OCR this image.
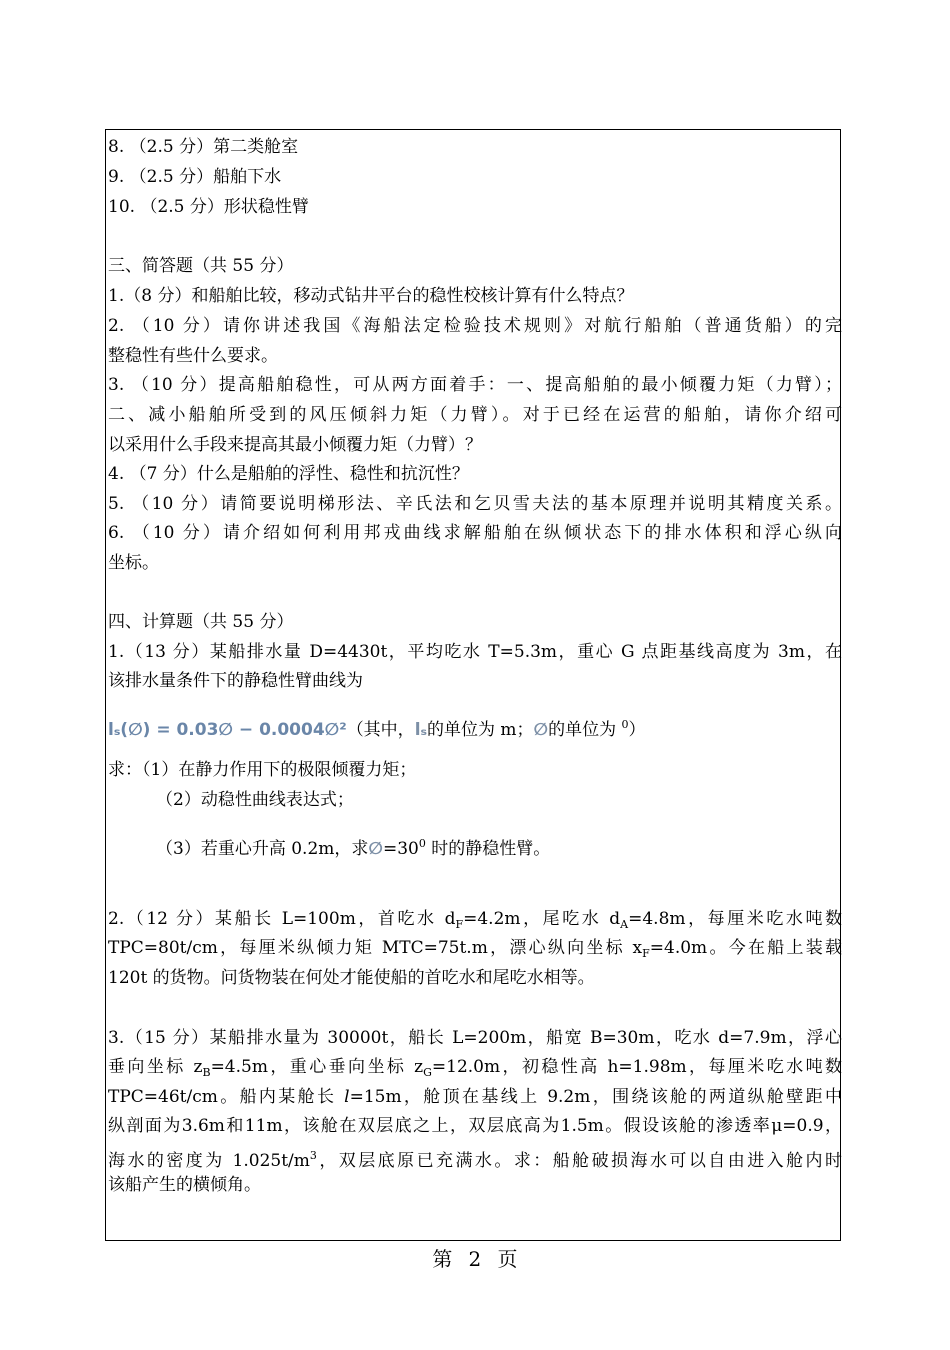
8. （2.5 分）第二类舱室
9. （2.5 分）船舶下水
10. （2.5 分）形状稳性臂
三、简答题（共 55 分）
1.（8 分）和船舶比较，移动式钻井平台的稳性校核计算有什么特点？
2. （10 分）请你讲述我国《海船法定检验技术规则》对航行船舶（普通货船）的完
整稳性有些什么要求。
3. （10 分）提高船舶稳性，可从两方面着手：一、提高船舶的最小倾覆力矩（力臂）；
二、减小船舶所受到的风压倾斜力矩（力臂）。对于已经在运营的船舶，请你介绍可
以采用什么手段来提高其最小倾覆力矩（力臂）？
4. （7 分）什么是船舶的浮性、稳性和抗沉性？
5. （10 分）请简要说明梯形法、辛氏法和乞贝雪夫法的基本原理并说明其精度关系。
6. （10 分）请介绍如何利用邦戎曲线求解船舶在纵倾状态下的排水体积和浮心纵向
坐标。
四、计算题（共 55 分）
1.（13 分）某船排水量 D=4430t，平均吃水 T=5.3m，重心 G 点距基线高度为 3m，在
该排水量条件下的静稳性臂曲线为
lₛ(∅) = 0.03∅ − 0.0004∅²（其中，lₛ的单位为 m；∅的单位为 $^0$）
求：（1）在静力作用下的极限倾覆力矩；
（2）动稳性曲线表达式；
（3）若重心升高 0.2m，求$\emptyset=30^0$ 时的静稳性臂。
2.（12 分）某船长 L=100m，首吃水 $d_F=4.2m$，尾吃水 $d_A=4.8m$，每厘米吃水吨数
TPC=80t/cm，每厘米纵倾力矩 MTC=75t.m，漂心纵向坐标 $x_F=4.0m$。今在船上装载
120t 的货物。问货物装在何处才能使船的首吃水和尾吃水相等。
3.（15 分）某船排水量为 30000t，船长 L=200m，船宽 B=30m，吃水 d=7.9m，浮心
垂向坐标 $z_B=4.5m$，重心垂向坐标 $z_G=12.0m$，初稳性高 h=1.98m，每厘米吃水吨数
TPC=46t/cm。船内某舱长 l=15m，舱顶在基线上 9.2m，围绕该舱的两道纵舱壁距中
纵剖面为3.6m和11m，该舱在双层底之上，双层底高为1.5m。假设该舱的渗透率μ=0.9，
海水的密度为 $1.025t/m^3$，双层底原已充满水。求：船舱破损海水可以自由进入舱内时
该船产生的横倾角。
第 2 页
